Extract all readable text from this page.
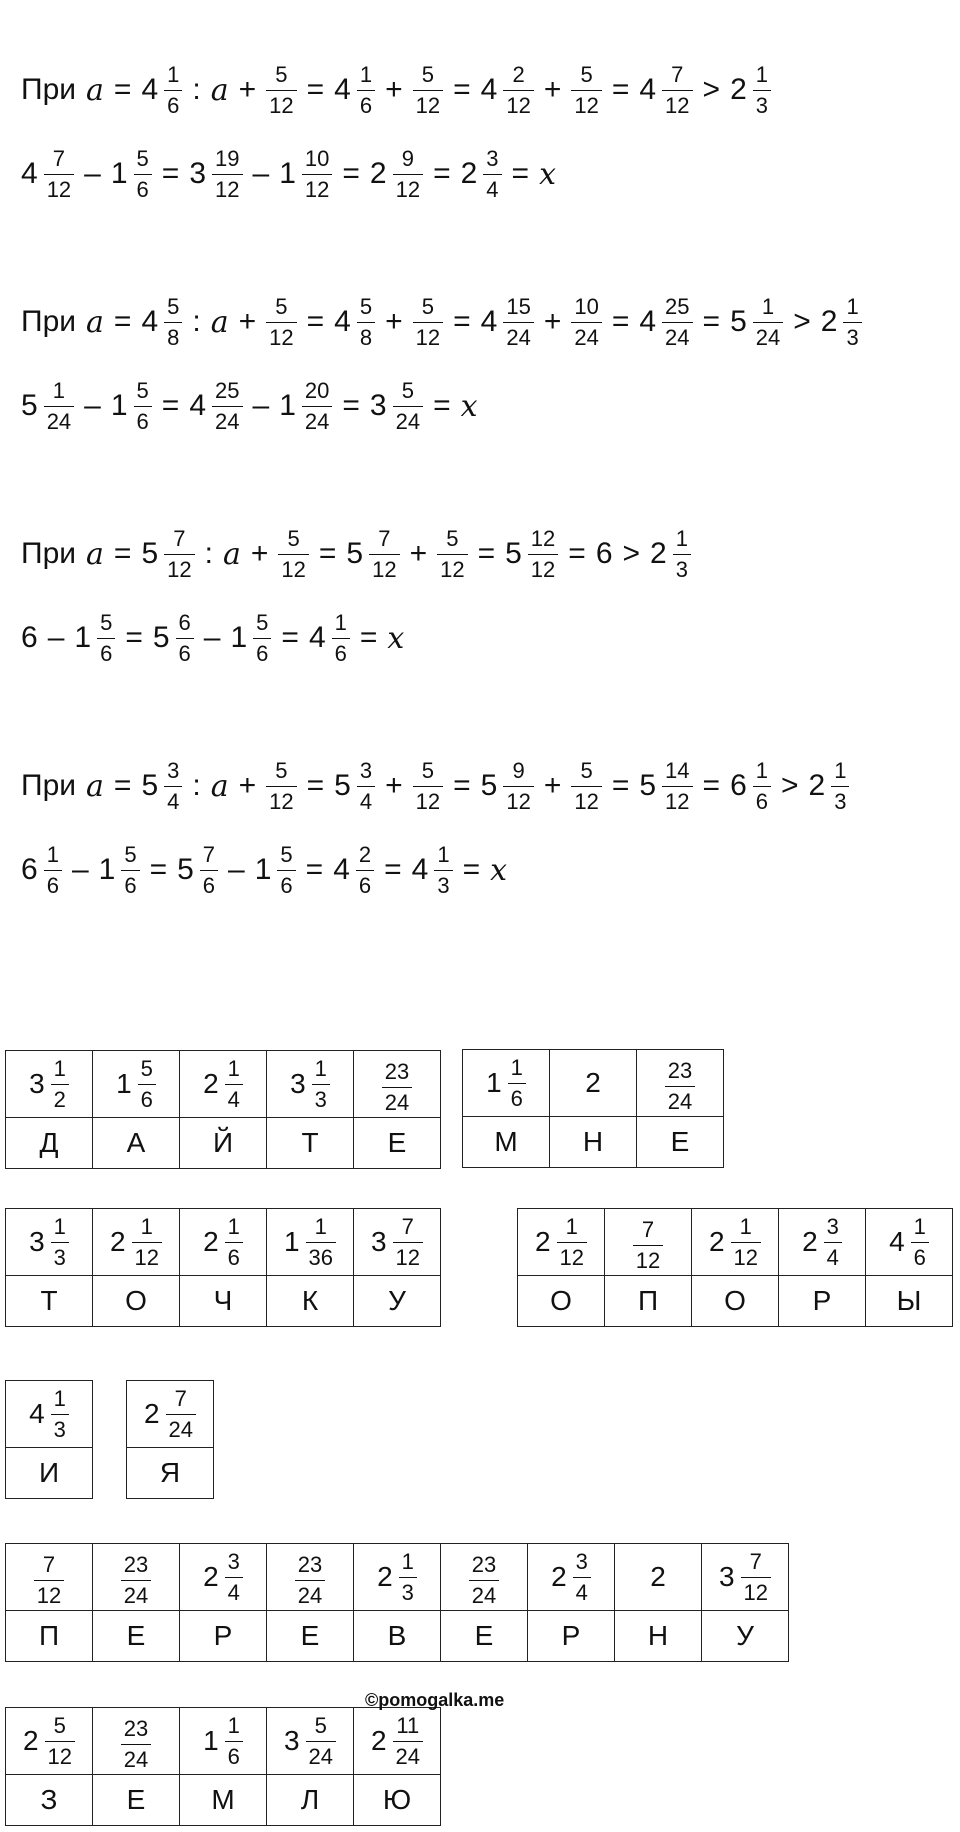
При $a = 4 \frac{1}{6}$ : $a + \frac{5}{12} = 4 \frac{1}{6} + \frac{5}{12} = 4 \frac{2}{12} + \frac{5}{12} = 4 \frac{7}{12} > 2 \frac{1}{3}$
$4 \frac{7}{12} - 1 \frac{5}{6} = 3 \frac{19}{12} - 1 \frac{10}{12} = 2 \frac{9}{12} = 2 \frac{3}{4} = x$
При $a = 4 \frac{5}{8}$ : $a + \frac{5}{12} = 4 \frac{5}{8} + \frac{5}{12} = 4 \frac{15}{24} + \frac{10}{24} = 4 \frac{25}{24} = 5 \frac{1}{24} > 2 \frac{1}{3}$
$5 \frac{1}{24} - 1 \frac{5}{6} = 4 \frac{25}{24} - 1 \frac{20}{24} = 3 \frac{5}{24} = x$
При $a = 5 \frac{7}{12}$ : $a + \frac{5}{12} = 5 \frac{7}{12} + \frac{5}{12} = 5 \frac{12}{12} = 6 > 2 \frac{1}{3}$
$6 - 1 \frac{5}{6} = 5 \frac{6}{6} - 1 \frac{5}{6} = 4 \frac{1}{6} = x$
При $a = 5 \frac{3}{4}$ : $a + \frac{5}{12} = 5 \frac{3}{4} + \frac{5}{12} = 5 \frac{9}{12} + \frac{5}{12} = 5 \frac{14}{12} = 6 \frac{1}{6} > 2 \frac{1}{3}$
$6 \frac{1}{6} - 1 \frac{5}{6} = 5 \frac{7}{6} - 1 \frac{5}{6} = 4 \frac{2}{6} = 4 \frac{1}{3} = x$
$3 \frac{1}{2}$	$1 \frac{5}{6}$	$2 \frac{1}{4}$	$3 \frac{1}{3}$	$\frac{23}{24}$

Д	А	Й	Т	Е
$1 \frac{1}{6}$	2	$\frac{23}{24}$

М	Н	Е
$3 \frac{1}{3}$	$2 \frac{1}{12}$	$2 \frac{1}{6}$	$1 \frac{1}{36}$	$3 \frac{7}{12}$

Т	О	Ч	К	У
$2 \frac{1}{12}$	$\frac{7}{12}$	$2 \frac{1}{12}$	$2 \frac{3}{4}$	$4 \frac{1}{6}$

О	П	О	Р	Ы
$4 \frac{1}{3}$

И
$2 \frac{7}{24}$

Я
$\frac{7}{12}$	$\frac{23}{24}$	$2 \frac{3}{4}$	$\frac{23}{24}$	$2 \frac{1}{3}$	$\frac{23}{24}$	$2 \frac{3}{4}$	2	$3 \frac{7}{12}$

П	Е	Р	Е	В	Е	Р	Н	У
$2 \frac{5}{12}$	$\frac{23}{24}$	$1 \frac{1}{6}$	$3 \frac{5}{24}$	$2 \frac{11}{24}$

З	Е	М	Л	Ю
©pomogalka.me
